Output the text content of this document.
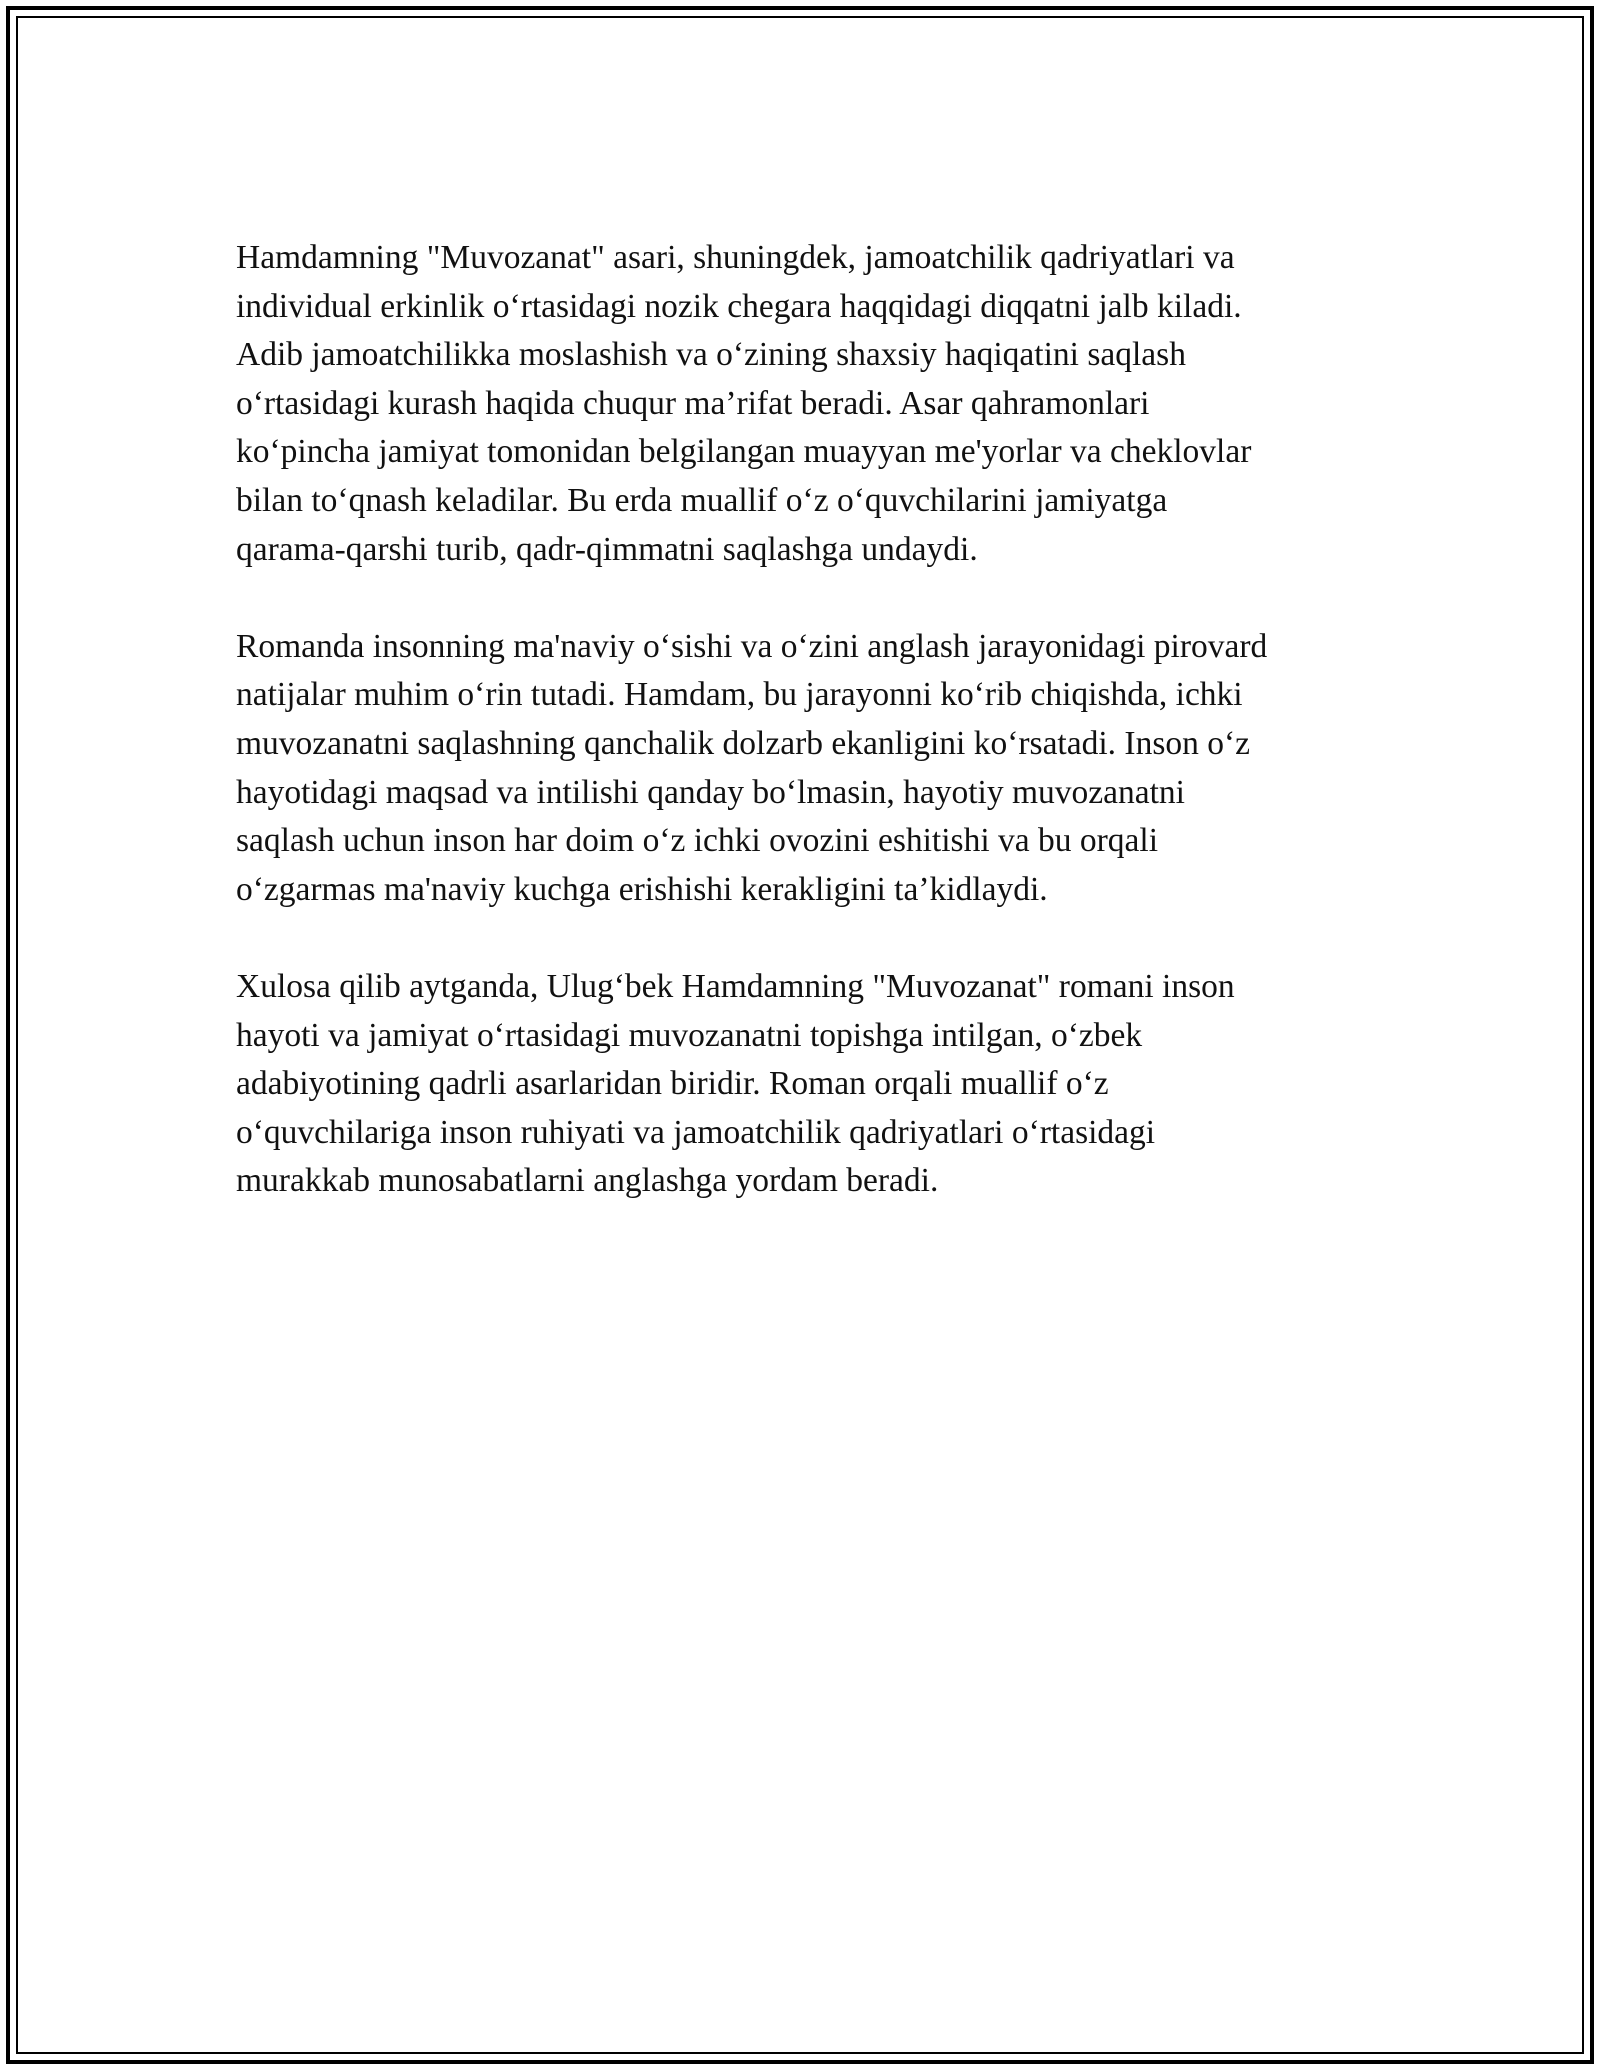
Hamdamning "Muvozanat" asari, shuningdek, jamoatchilik qadriyatlari va
individual erkinlik oʻrtasidagi nozik chegara haqqidagi diqqatni jalb kiladi.
Adib jamoatchilikka moslashish va oʻzining shaxsiy haqiqatini saqlash
oʻrtasidagi kurash haqida chuqur ma’rifat beradi. Asar qahramonlari
koʻpincha jamiyat tomonidan belgilangan muayyan me'yorlar va cheklovlar
bilan toʻqnash keladilar. Bu erda muallif oʻz oʻquvchilarini jamiyatga
qarama-qarshi turib, qadr-qimmatni saqlashga undaydi.

Romanda insonning ma'naviy oʻsishi va oʻzini anglash jarayonidagi pirovard
natijalar muhim oʻrin tutadi. Hamdam, bu jarayonni koʻrib chiqishda, ichki
muvozanatni saqlashning qanchalik dolzarb ekanligini koʻrsatadi. Inson oʻz
hayotidagi maqsad va intilishi qanday boʻlmasin, hayotiy muvozanatni
saqlash uchun inson har doim oʻz ichki ovozini eshitishi va bu orqali
oʻzgarmas ma'naviy kuchga erishishi kerakligini ta’kidlaydi.

Xulosa qilib aytganda, Ulugʻbek Hamdamning "Muvozanat" romani inson
hayoti va jamiyat oʻrtasidagi muvozanatni topishga intilgan, oʻzbek
adabiyotining qadrli asarlaridan biridir. Roman orqali muallif oʻz
oʻquvchilariga inson ruhiyati va jamoatchilik qadriyatlari oʻrtasidagi
murakkab munosabatlarni anglashga yordam beradi.
